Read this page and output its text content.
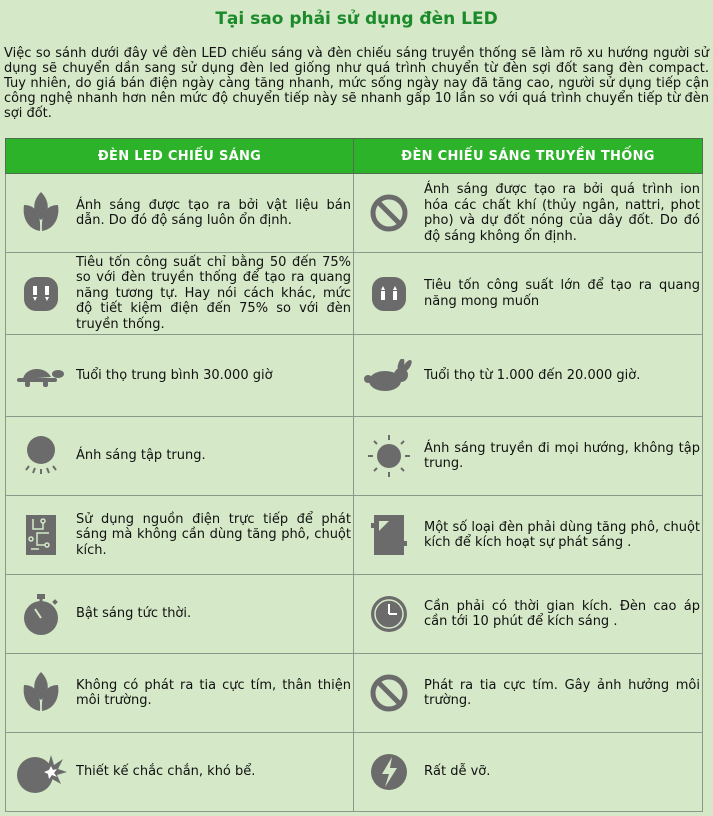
Tại sao phải sử dụng đèn LED

Việc so sánh dưới đây về đèn LED chiếu sáng và đèn chiếu sáng truyền thống sẽ làm rõ xu hướng người sử dụng sẽ chuyển dần sang sử dụng đèn led giống như quá trình chuyển từ đèn sợi đốt sang đèn compact. Tuy nhiên, do giá bán điện ngày càng tăng nhanh, mức sống ngày nay đã tăng cao, người sử dụng tiếp cận công nghệ nhanh hơn nên mức độ chuyển tiếp này sẽ nhanh gấp 10 lần so với quá trình chuyển tiếp từ đèn sợi đốt.

ĐÈN LED CHIẾU SÁNG	ĐÈN CHIẾU SÁNG TRUYỀN THỐNG

Ánh sáng được tạo ra bởi vật liệu bán dẫn. Do đó độ sáng luôn ổn định.	Ánh sáng được tạo ra bởi quá trình ion hóa các chất khí (thủy ngân, nattri, phot pho) và dự đốt nóng của dây đốt. Do đó độ sáng không ổn định.

Tiêu tốn công suất chỉ bằng 50 đến 75% so với đèn truyền thống để tạo ra quang năng tương tự. Hay nói cách khác, mức độ tiết kiệm điện đến 75% so với đèn truyền thống.	Tiêu tốn công suất lớn để tạo ra quang năng mong muốn

Tuổi thọ trung bình 30.000 giờ	Tuổi thọ từ 1.000 đến 20.000 giờ.

Ánh sáng tập trung.	Ánh sáng truyền đi mọi hướng, không tập trung.

Sử dụng nguồn điện trực tiếp để phát sáng mà không cần dùng tăng phô, chuột kích.	Một số loại đèn phải dùng tăng phô, chuột kích để kích hoạt sự phát sáng .

Bật sáng tức thời.	Cần phải có thời gian kích. Đèn cao áp cần tới 10 phút để kích sáng .

Không có phát ra tia cực tím, thân thiện môi trường.	Phát ra tia cực tím. Gây ảnh hưởng môi trường.

Thiết kế chắc chắn, khó bể.	Rất dễ vỡ.
